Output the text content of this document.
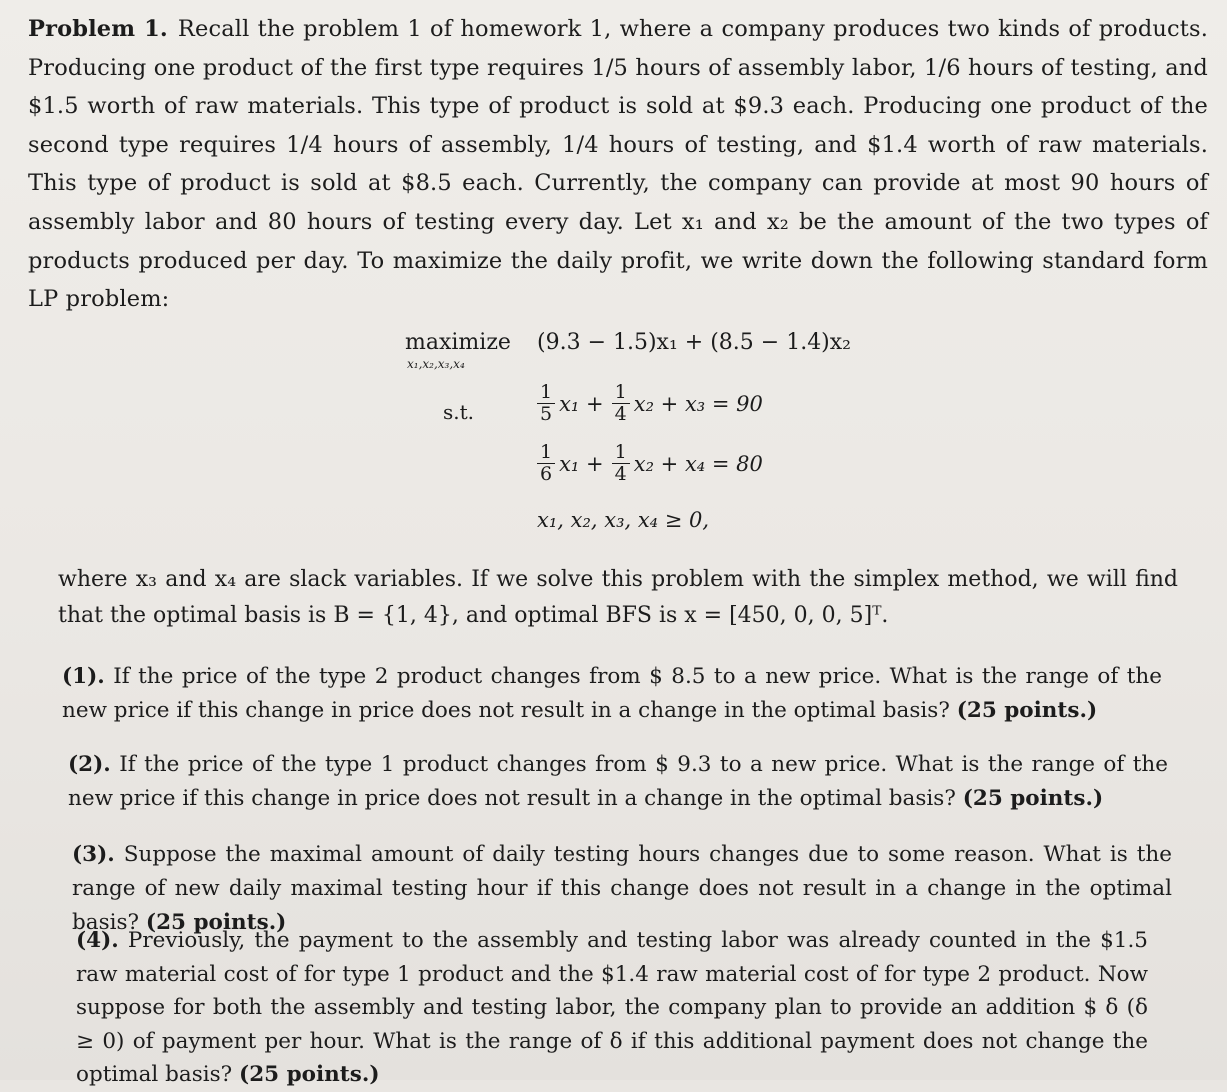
Problem 1. Recall the problem 1 of homework 1, where a company produces two kinds of products. Producing one product of the first type requires 1/5 hours of assembly labor, 1/6 hours of testing, and $1.5 worth of raw materials. This type of product is sold at $9.3 each. Producing one product of the second type requires 1/4 hours of assembly, 1/4 hours of testing, and $1.4 worth of raw materials. This type of product is sold at $8.5 each. Currently, the company can provide at most 90 hours of assembly labor and 80 hours of testing every day. Let x₁ and x₂ be the amount of the two types of products produced per day. To maximize the daily profit, we write down the following standard form LP problem:
maximize
x₁,x₂,x₃,x₄
(9.3 − 1.5)x₁ + (8.5 − 1.4)x₂
s.t.	$\frac{1}{5} x_1 + \frac{1}{4} x_2 + x_3 = 90$
$\frac{1}{6} x_1 + \frac{1}{4} x_2 + x_4 = 80$
x₁, x₂, x₃, x₄ ≥ 0,
where x₃ and x₄ are slack variables. If we solve this problem with the simplex method, we will find that the optimal basis is B = {1, 4}, and optimal BFS is x = [450, 0, 0, 5]ᵀ.
(1). If the price of the type 2 product changes from $ 8.5 to a new price. What is the range of the new price if this change in price does not result in a change in the optimal basis? (25 points.)
(2). If the price of the type 1 product changes from $ 9.3 to a new price. What is the range of the new price if this change in price does not result in a change in the optimal basis? (25 points.)
(3). Suppose the maximal amount of daily testing hours changes due to some reason. What is the range of new daily maximal testing hour if this change does not result in a change in the optimal basis? (25 points.)
(4). Previously, the payment to the assembly and testing labor was already counted in the $1.5 raw material cost of for type 1 product and the $1.4 raw material cost of for type 2 product. Now suppose for both the assembly and testing labor, the company plan to provide an addition $ δ (δ ≥ 0) of payment per hour. What is the range of δ if this additional payment does not change the optimal basis? (25 points.)
